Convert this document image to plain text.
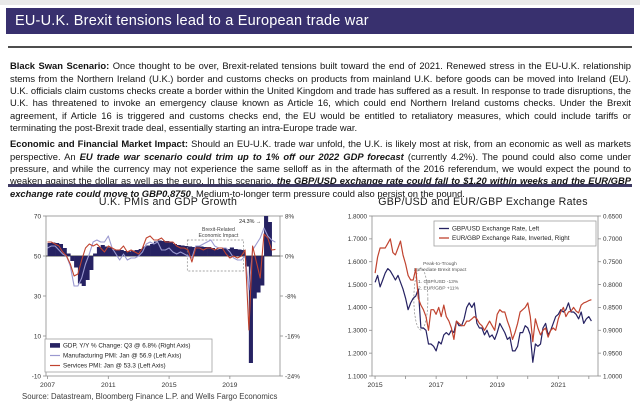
EU-U.K. Brexit tensions lead to a European trade war

Black Swan Scenario: Once thought to be over, Brexit-related tensions built toward the end of 2021. Renewed stress in the EU-U.K. relationship stems from the Northern Ireland (U.K.) border and customs checks on products from mainland U.K. before goods can be moved into Ireland (EU). U.K. officials claim customs checks create a border within the United Kingdom and trade has suffered as a result. In response to trade disruptions, the U.K. has threatened to invoke an emergency clause known as Article 16, which could end Northern Ireland customs checks. Under the Brexit agreement, if Article 16 is triggered and customs checks end, the EU would be entitled to retaliatory measures, which could include tariffs or terminating the post-Brexit trade deal, essentially starting an intra-Europe trade war.

Economic and Financial Market Impact: Should an EU-U.K. trade war unfold, the U.K. is likely most at risk, from an economic as well as markets perspective. An EU trade war scenario could trim up to 1% off our 2022 GDP forecast (currently 4.2%). The pound could also come under pressure, and while the currency may not experience the same selloff as in the aftermath of the 2016 referendum, we would expect the pound to weaken against the dollar as well as the euro. In this scenario, the GBP/USD exchange rate could fall to $1.20 within weeks and the EUR/GBP exchange rate could move to GBP0.8750. Medium-to-longer term pressure could also persist on the pound.

U.K. PMIs and GDP Growth
70
50
30
10
-10
8%
0%
-8%
-16%
-24%
2007	2011	2015	2019
Brexit-Related
Economic Impact
24.3% →
GDP, Y/Y % Change: Q3 @ 6.8% (Right Axis)
Manufacturing PMI: Jan @ 56.9 (Left Axis)
Services PMI: Jan @ 53.3 (Left Axis)
GBP/USD and EUR/GBP Exchange Rates
1.8000
1.7000
1.6000
1.5000
1.4000
1.3000
1.2000
1.1000
0.6500
0.7000
0.7500
0.8000
0.8500
0.9000
0.9500
1.0000
2015	2017	2019	2021
Peak-to-Trough
Immediate Brexit Impact
1. GBP/USD -13%
2. EUR/GBP +11%
GBP/USD Exchange Rate, Left
EUR/GBP Exchange Rate, Inverted, Right
Source: Datastream, Bloomberg Finance L.P. and Wells Fargo Economics
